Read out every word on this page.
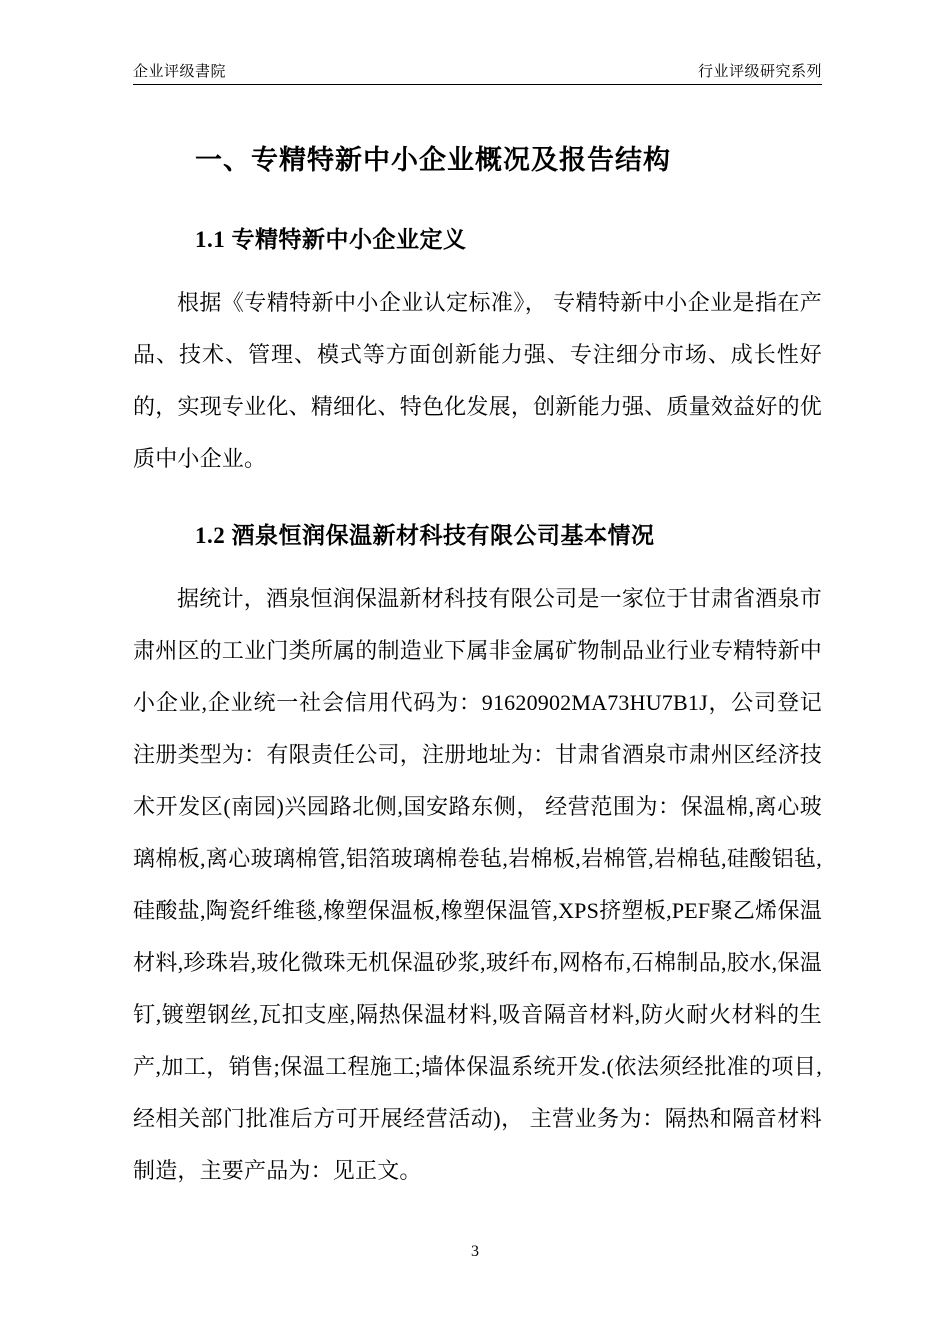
企业评级書院	行业评级研究系列
一、专精特新中小企业概况及报告结构
1.1 专精特新中小企业定义

根据《专精特新中小企业认定标准》， 专精特新中小企业是指在产品、技术、管理、模式等方面创新能力强、专注细分市场、成长性好的，实现专业化、精细化、特色化发展，创新能力强、质量效益好的优质中小企业。

1.2 酒泉恒润保温新材科技有限公司基本情况

据统计，酒泉恒润保温新材科技有限公司是一家位于甘肃省酒泉市肃州区的工业门类所属的制造业下属非金属矿物制品业行业专精特新中小企业,企业统一社会信用代码为：91620902MA73HU7B1J，公司登记注册类型为：有限责任公司，注册地址为：甘肃省酒泉市肃州区经济技术开发区(南园)兴园路北侧,国安路东侧， 经营范围为：保温棉,离心玻璃棉板,离心玻璃棉管,铝箔玻璃棉卷毡,岩棉板,岩棉管,岩棉毡,硅酸铝毡,硅酸盐,陶瓷纤维毯,橡塑保温板,橡塑保温管,XPS挤塑板,PEF聚乙烯保温材料,珍珠岩,玻化微珠无机保温砂浆,玻纤布,网格布,石棉制品,胶水,保温钉,镀塑钢丝,瓦扣支座,隔热保温材料,吸音隔音材料,防火耐火材料的生产,加工，销售;保温工程施工;墙体保温系统开发.(依法须经批准的项目,经相关部门批准后方可开展经营活动)， 主营业务为：隔热和隔音材料制造，主要产品为：见正文。

3
